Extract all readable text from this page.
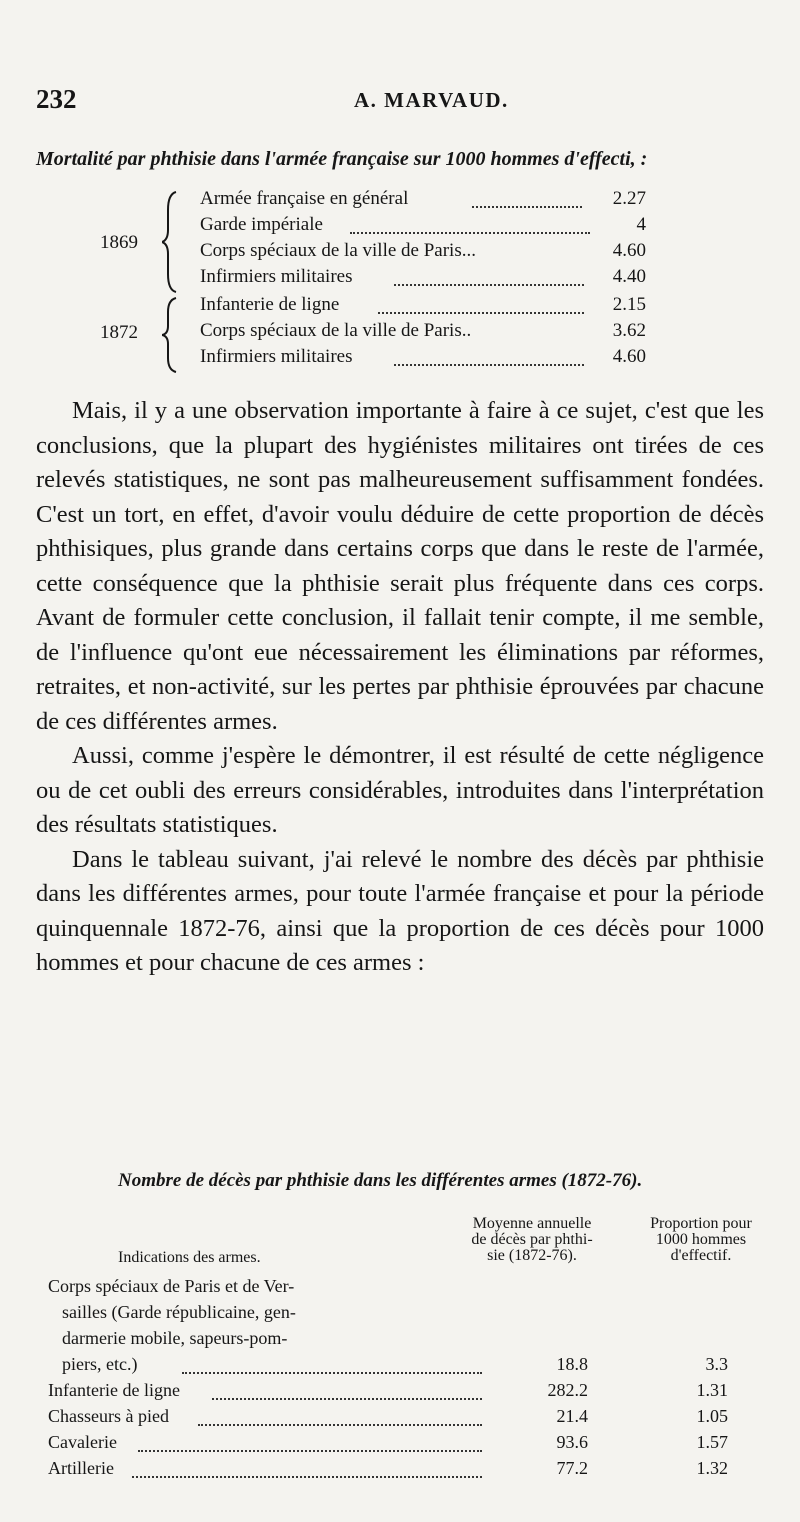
232	A. MARVAUD.
Mortalité par phthisie dans l'armée française sur 1000 hommes d'effecti, :
1869
Armée française en général	2.27
Garde impériale	4
Corps spéciaux de la ville de Paris...	4.60
Infirmiers militaires	4.40
1872
Infanterie de ligne	2.15
Corps spéciaux de la ville de Paris..	3.62
Infirmiers militaires	4.60

Mais, il y a une observation importante à faire à ce sujet, c'est que les conclusions, que la plupart des hygiénistes militaires ont tirées de ces relevés statistiques, ne sont pas malheureusement suffisamment fondées. C'est un tort, en effet, d'avoir voulu déduire de cette proportion de décès phthisiques, plus grande dans certains corps que dans le reste de l'armée, cette conséquence que la phthisie serait plus fréquente dans ces corps. Avant de formuler cette conclusion, il fallait tenir compte, il me semble, de l'influence qu'ont eue nécessairement les éliminations par réformes, retraites, et non-activité, sur les pertes par phthisie éprouvées par chacune de ces différentes armes.

Aussi, comme j'espère le démontrer, il est résulté de cette négligence ou de cet oubli des erreurs considérables, introduites dans l'interprétation des résultats statistiques.

Dans le tableau suivant, j'ai relevé le nombre des décès par phthisie dans les différentes armes, pour toute l'armée française et pour la période quinquennale 1872-76, ainsi que la proportion de ces décès pour 1000 hommes et pour chacune de ces armes :

Nombre de décès par phthisie dans les différentes armes (1872-76).
Indications des armes.
Moyenne annuelle
de décès par phthi-
sie (1872-76).
Proportion pour
1000 hommes
d'effectif.
Corps spéciaux de Paris et de Ver-
sailles (Garde républicaine, gen-
darmerie mobile, sapeurs-pom-
piers, etc.)	18.8	3.3
Infanterie de ligne	282.2	1.31
Chasseurs à pied	21.4	1.05
Cavalerie	93.6	1.57
Artillerie	77.2	1.32
